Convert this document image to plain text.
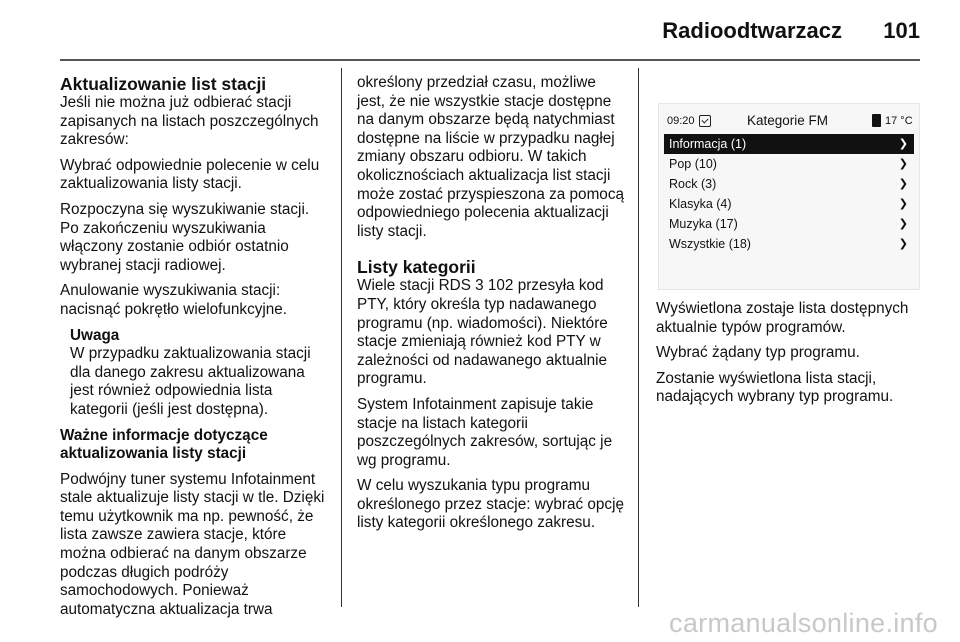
Radioodtwarzacz 101
Aktualizowanie list stacji

Jeśli nie można już odbierać stacji zapisanych na listach poszczególnych zakresów:

Wybrać odpowiednie polecenie w celu zaktualizowania listy stacji.

Rozpoczyna się wyszukiwanie stacji. Po zakończeniu wyszukiwania włączony zostanie odbiór ostatnio wybranej stacji radiowej.

Anulowanie wyszukiwania stacji: nacisnąć pokrętło wielofunkcyjne.

Uwaga
W przypadku zaktualizowania stacji dla danego zakresu aktualizowana jest również odpowiednia lista kategorii (jeśli jest dostępna).

Ważne informacje dotyczące aktualizowania listy stacji

Podwójny tuner systemu Infotainment stale aktualizuje listy stacji w tle. Dzięki temu użytkownik ma np. pewność, że lista zawsze zawiera stacje, które można odbierać na danym obszarze podczas długich podróży samochodowych. Ponieważ automatyczna aktualizacja trwa

określony przedział czasu, możliwe jest, że nie wszystkie stacje dostępne na danym obszarze będą natychmiast dostępne na liście w przypadku nagłej zmiany obszaru odbioru. W takich okolicznościach aktualizacja list stacji może zostać przyspieszona za pomocą odpowiedniego polecenia aktualizacji listy stacji.

Listy kategorii

Wiele stacji RDS 3 102 przesyła kod PTY, który określa typ nadawanego programu (np. wiadomości). Niektóre stacje zmieniają również kod PTY w zależności od nadawanego aktualnie programu.

System Infotainment zapisuje takie stacje na listach kategorii poszczególnych zakresów, sortując je wg programu.

W celu wyszukania typu programu określonego przez stacje: wybrać opcję listy kategorii określonego zakresu.

09:20	Kategorie FM	17 °C
Informacja (1)	❯
Pop (10)	❯
Rock (3)	❯
Klasyka (4)	❯
Muzyka (17)	❯
Wszystkie (18)	❯

Wyświetlona zostaje lista dostępnych aktualnie typów programów.

Wybrać żądany typ programu.

Zostanie wyświetlona lista stacji, nadających wybrany typ programu.

carmanualsonline.info
